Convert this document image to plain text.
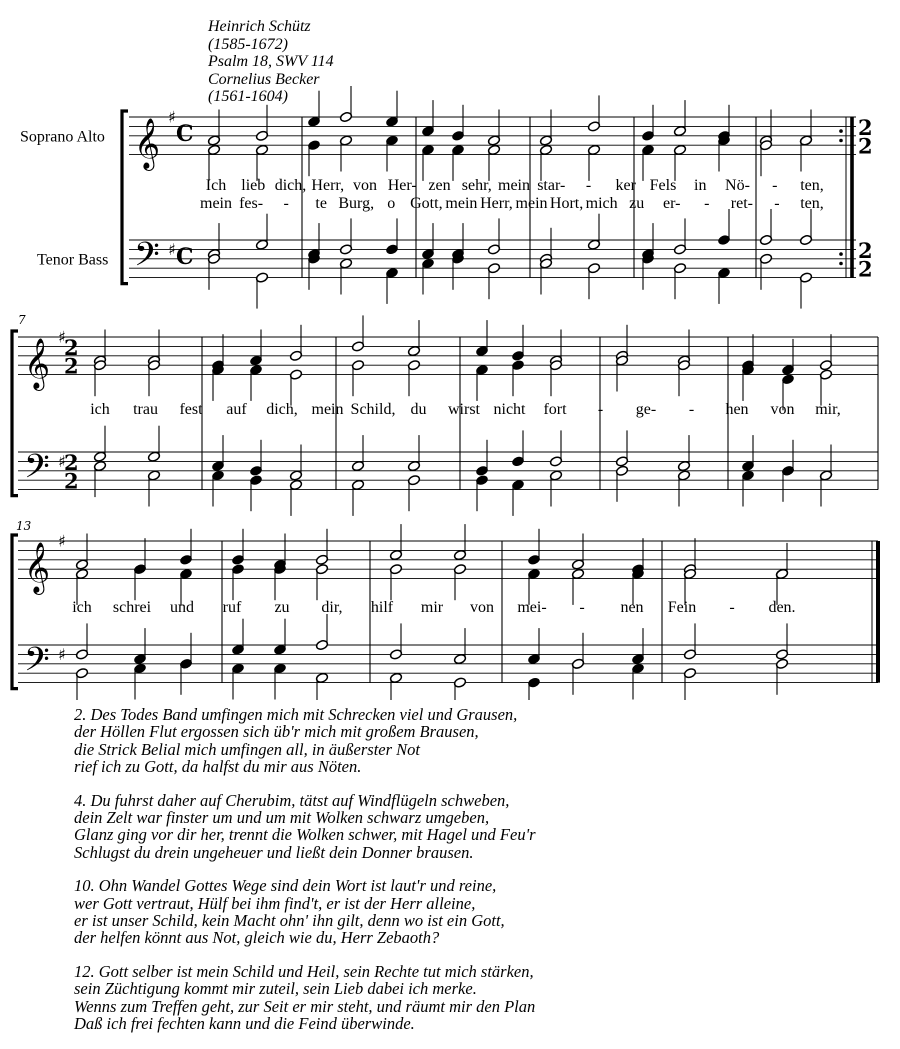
Heinrich Schütz
(1585-1672)
Psalm 18, SWV 114
Cornelius Becker
(1561-1604)
Soprano Alto
Tenor Bass
𝄞
𝄢
♯
♯
C
C
2
2
2
2
Ich lieb dich, Herr, von Her- zen sehr, mein star- - ker Fels in Nö- - ten,
mein fes- - te Burg, o Gott, mein Herr, mein Hort, mich zu er- - ret- - ten,
7
𝄞
𝄢
♯
♯
2
2
2
2
ich trau fest auf dich, mein Schild, du wirst nicht fort - ge- - hen von mir,
13
𝄞
𝄢
♯
♯
ich schrei und ruf zu dir, hilf mir von mei- - nen Fein - den.
2. Des Todes Band umfingen mich mit Schrecken viel und Grausen,
der Höllen Flut ergossen sich üb'r mich mit großem Brausen,
die Strick Belial mich umfingen all, in äußerster Not
rief ich zu Gott, da halfst du mir aus Nöten.
4. Du fuhrst daher auf Cherubim, tätst auf Windflügeln schweben,
dein Zelt war finster um und um mit Wolken schwarz umgeben,
Glanz ging vor dir her, trennt die Wolken schwer, mit Hagel und Feu'r
Schlugst du drein ungeheuer und ließt dein Donner brausen.
10. Ohn Wandel Gottes Wege sind dein Wort ist laut'r und reine,
wer Gott vertraut, Hülf bei ihm find't, er ist der Herr alleine,
er ist unser Schild, kein Macht ohn' ihn gilt, denn wo ist ein Gott,
der helfen könnt aus Not, gleich wie du, Herr Zebaoth?
12. Gott selber ist mein Schild und Heil, sein Rechte tut mich stärken,
sein Züchtigung kommt mir zuteil, sein Lieb dabei ich merke.
Wenns zum Treffen geht, zur Seit er mir steht, und räumt mir den Plan
Daß ich frei fechten kann und die Feind überwinde.
